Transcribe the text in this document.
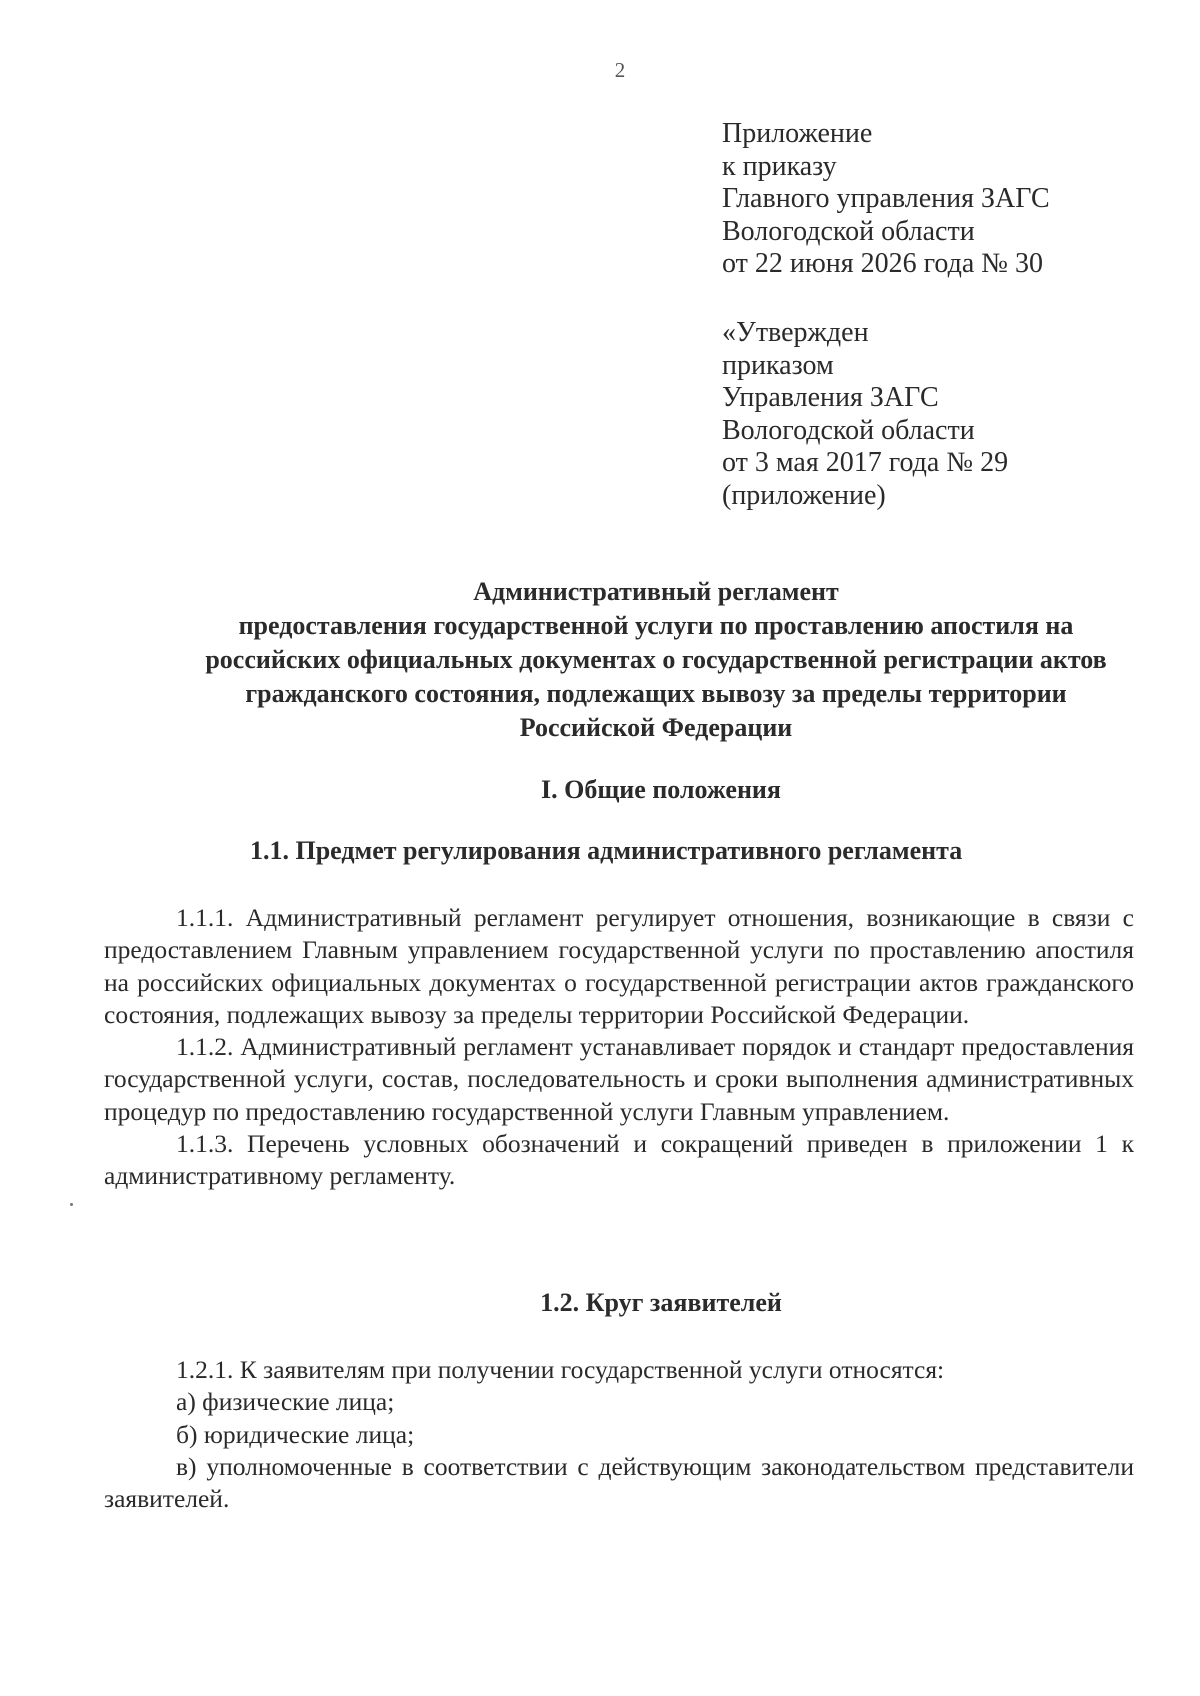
2
Приложение
к приказу
Главного управления ЗАГС
Вологодской области
от 22 июня 2026 года № 30
«Утвержден
приказом
Управления ЗАГС
Вологодской области
от 3 мая 2017 года № 29
(приложение)
Административный регламент
предоставления государственной услуги по проставлению апостиля на
российских официальных документах о государственной регистрации актов
гражданского состояния, подлежащих вывозу за пределы территории
Российской Федерации
I. Общие положения
1.1. Предмет регулирования административного регламента

1.1.1. Административный регламент регулирует отношения, возникающие в связи с предоставлением Главным управлением государственной услуги по проставлению апостиля на российских официальных документах о государственной регистрации актов гражданского состояния, подлежащих вывозу за пределы территории Российской Федерации.

1.1.2. Административный регламент устанавливает порядок и стандарт предоставления государственной услуги, состав, последовательность и сроки выполнения административных процедур по предоставлению государственной услуги Главным управлением.

1.1.3. Перечень условных обозначений и сокращений приведен в приложении 1 к административному регламенту.

1.2. Круг заявителей

1.2.1. К заявителям при получении государственной услуги относятся:

а) физические лица;

б) юридические лица;

в) уполномоченные в соответствии с действующим законодательством представители заявителей.
